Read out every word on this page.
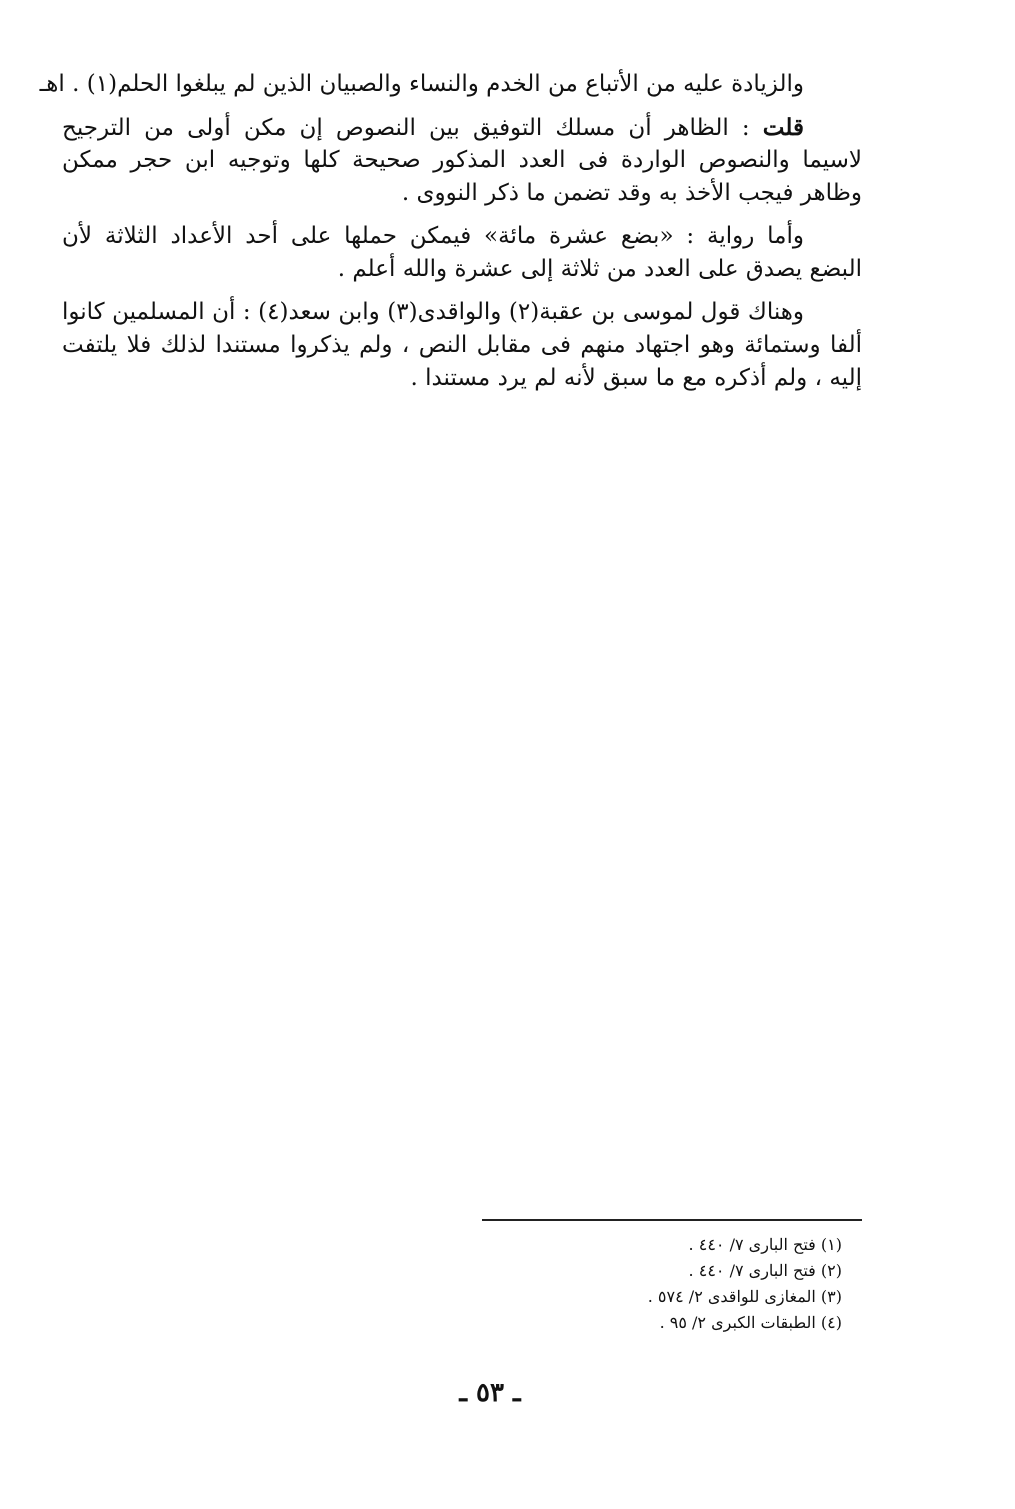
والزيادة عليه من الأتباع من الخدم والنساء والصبيان الذين لم يبلغوا الحلم(١) . اهـ
قلت : الظاهر أن مسلك التوفيق بين النصوص إن مكن أولى من الترجيح
لاسيما والنصوص الواردة فى العدد المذكور صحيحة كلها وتوجيه ابن حجر ممكن
وظاهر فيجب الأخذ به وقد تضمن ما ذكر النووى .
وأما رواية : «بضع عشرة مائة» فيمكن حملها على أحد الأعداد الثلاثة لأن
البضع يصدق على العدد من ثلاثة إلى عشرة والله أعلم .
وهناك قول لموسى بن عقبة(٢) والواقدى(٣) وابن سعد(٤) : أن المسلمين كانوا
ألفا وستمائة وهو اجتهاد منهم فى مقابل النص ، ولم يذكروا مستندا لذلك فلا يلتفت
إليه ، ولم أذكره مع ما سبق لأنه لم يرد مستندا .
(١) فتح البارى ٧/ ٤٤٠ .
(٢) فتح البارى ٧/ ٤٤٠ .
(٣) المغازى للواقدى ٢/ ٥٧٤ .
(٤) الطبقات الكبرى ٢/ ٩٥ .
ـ ٥٣ ـ
